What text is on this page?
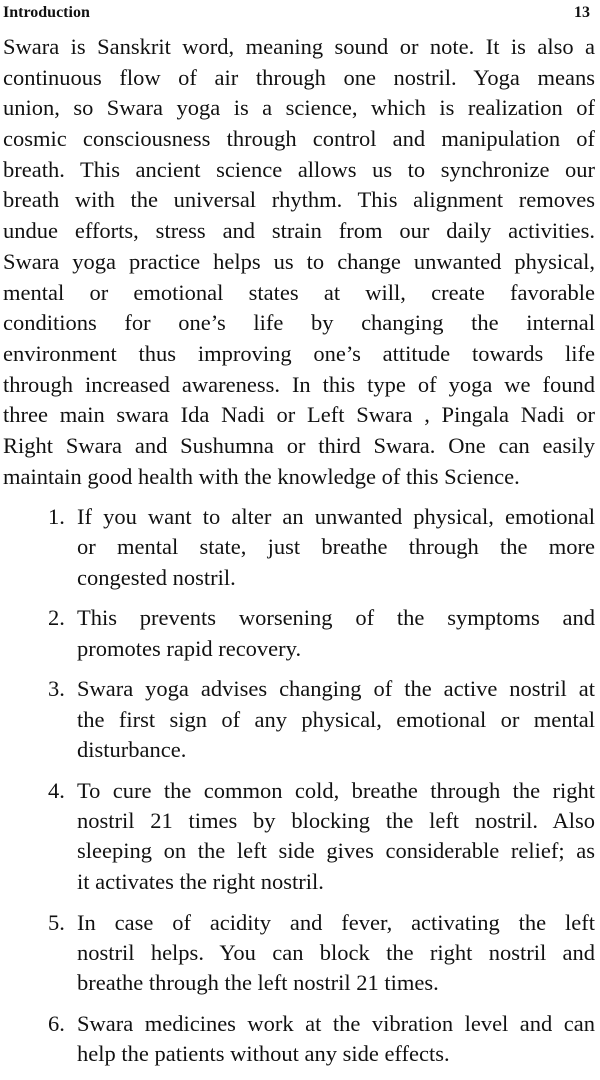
Introduction	13
Swara is Sanskrit word, meaning sound or note. It is also a
continuous flow of air through one nostril. Yoga means
union, so Swara yoga is a science, which is realization of
cosmic consciousness through control and manipulation of
breath. This ancient science allows us to synchronize our
breath with the universal rhythm. This alignment removes
undue efforts, stress and strain from our daily activities.
Swara yoga practice helps us to change unwanted physical,
mental or emotional states at will, create favorable
conditions for one’s life by changing the internal
environment thus improving one’s attitude towards life
through increased awareness. In this type of yoga we found
three main swara Ida Nadi or Left Swara , Pingala Nadi or
Right Swara and Sushumna or third Swara. One can easily
maintain good health with the knowledge of this Science.
1. If you want to alter an unwanted physical, emotional
or mental state, just breathe through the more
congested nostril.
2. This prevents worsening of the symptoms and
promotes rapid recovery.
3. Swara yoga advises changing of the active nostril at
the first sign of any physical, emotional or mental
disturbance.
4. To cure the common cold, breathe through the right
nostril 21 times by blocking the left nostril. Also
sleeping on the left side gives considerable relief; as
it activates the right nostril.
5. In case of acidity and fever, activating the left
nostril helps. You can block the right nostril and
breathe through the left nostril 21 times.
6. Swara medicines work at the vibration level and can
help the patients without any side effects.
